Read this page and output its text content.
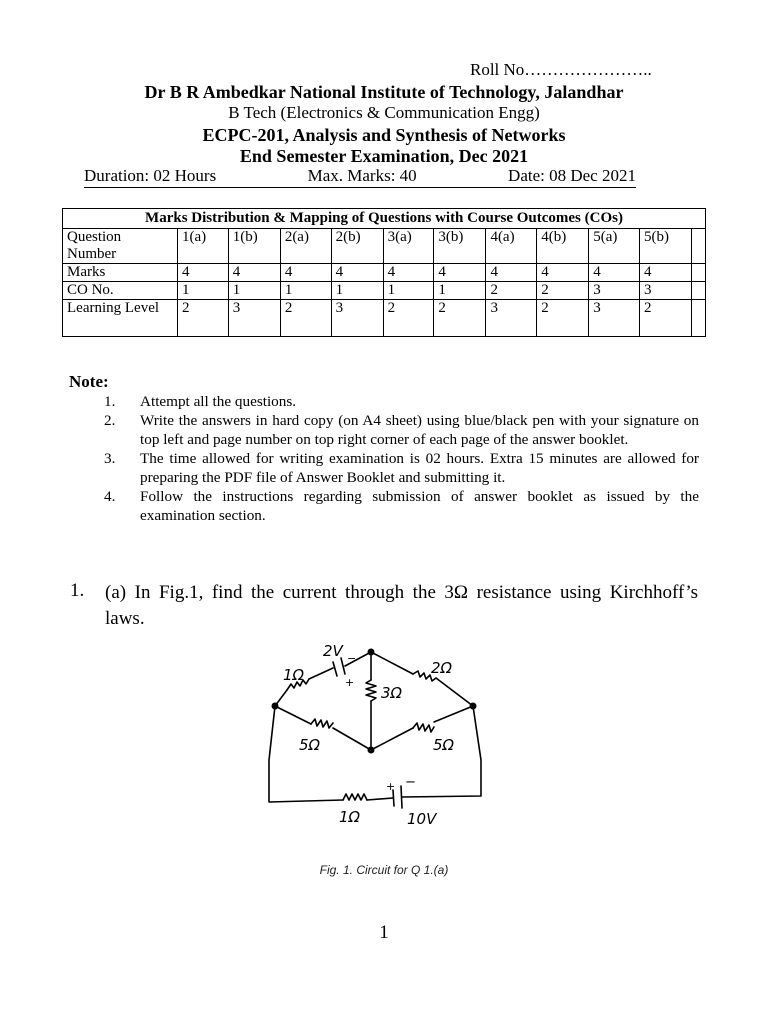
Roll No…………………..
Dr B R Ambedkar National Institute of Technology, Jalandhar
B Tech (Electronics & Communication Engg)
ECPC-201, Analysis and Synthesis of Networks
End Semester Examination, Dec 2021
Duration: 02 Hours	Max. Marks: 40	Date: 08 Dec 2021
Marks Distribution & Mapping of Questions with Course Outcomes (COs)											
Question Number	1(a)	1(b)	2(a)	2(b)	3(a)	3(b)	4(a)	4(b)	5(a)	5(b)	
Marks	4	4	4	4	4	4	4	4	4	4	
CO No.	1	1	1	1	1	1	2	2	3	3	
Learning Level	2	3	2	3	2	2	3	2	3	2	
Note:
1. Attempt all the questions.
2. Write the answers in hard copy (on A4 sheet) using blue/black pen with your signature on top left and page number on top right corner of each page of the answer booklet.
3. The time allowed for writing examination is 02 hours. Extra 15 minutes are allowed for preparing the PDF file of Answer Booklet and submitting it.
4. Follow the instructions regarding submission of answer booklet as issued by the examination section.
1. (a) In Fig.1, find the current through the 3Ω resistance using Kirchhoff’s laws.
2V
1Ω	2Ω
3Ω
5Ω	5Ω
1Ω	10V
+
−
+ −
Fig. 1. Circuit for Q 1.(a)
1
